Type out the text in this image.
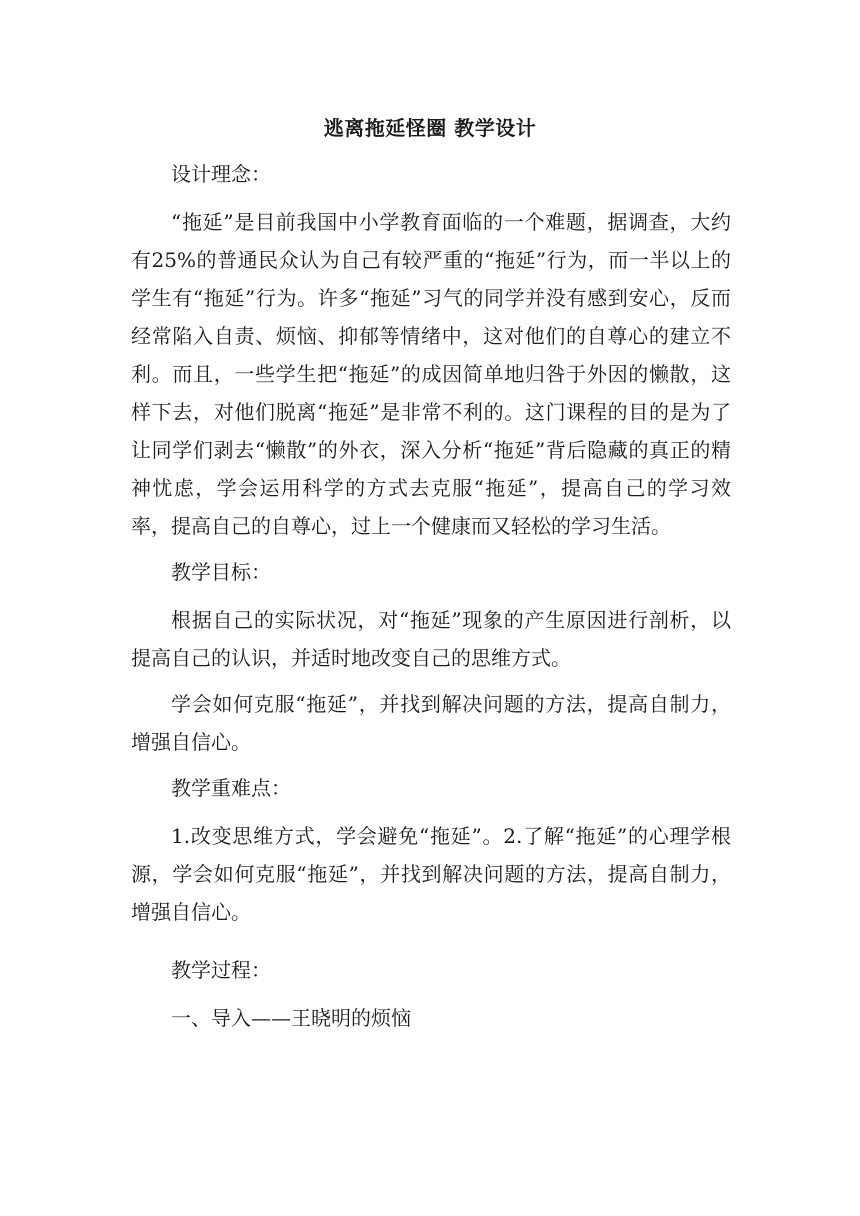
逃离拖延怪圈 教学设计

设计理念：

“拖延”是目前我国中小学教育面临的一个难题，据调查，大约有25%的普通民众认为自己有较严重的“拖延”行为，而一半以上的学生有“拖延”行为。许多“拖延”习气的同学并没有感到安心，反而经常陷入自责、烦恼、抑郁等情绪中，这对他们的自尊心的建立不利。而且，一些学生把“拖延”的成因简单地归咎于外因的懒散，这样下去，对他们脱离“拖延”是非常不利的。这门课程的目的是为了让同学们剥去“懒散”的外衣，深入分析“拖延”背后隐藏的真正的精神忧虑，学会运用科学的方式去克服“拖延”，提高自己的学习效率，提高自己的自尊心，过上一个健康而又轻松的学习生活。

教学目标：

根据自己的实际状况，对“拖延”现象的产生原因进行剖析，以提高自己的认识，并适时地改变自己的思维方式。

学会如何克服“拖延”，并找到解决问题的方法，提高自制力，增强自信心。

教学重难点：

1.改变思维方式，学会避免“拖延”。2.了解“拖延”的心理学根源，学会如何克服“拖延”，并找到解决问题的方法，提高自制力，增强自信心。

教学过程：

一、导入——王晓明的烦恼
